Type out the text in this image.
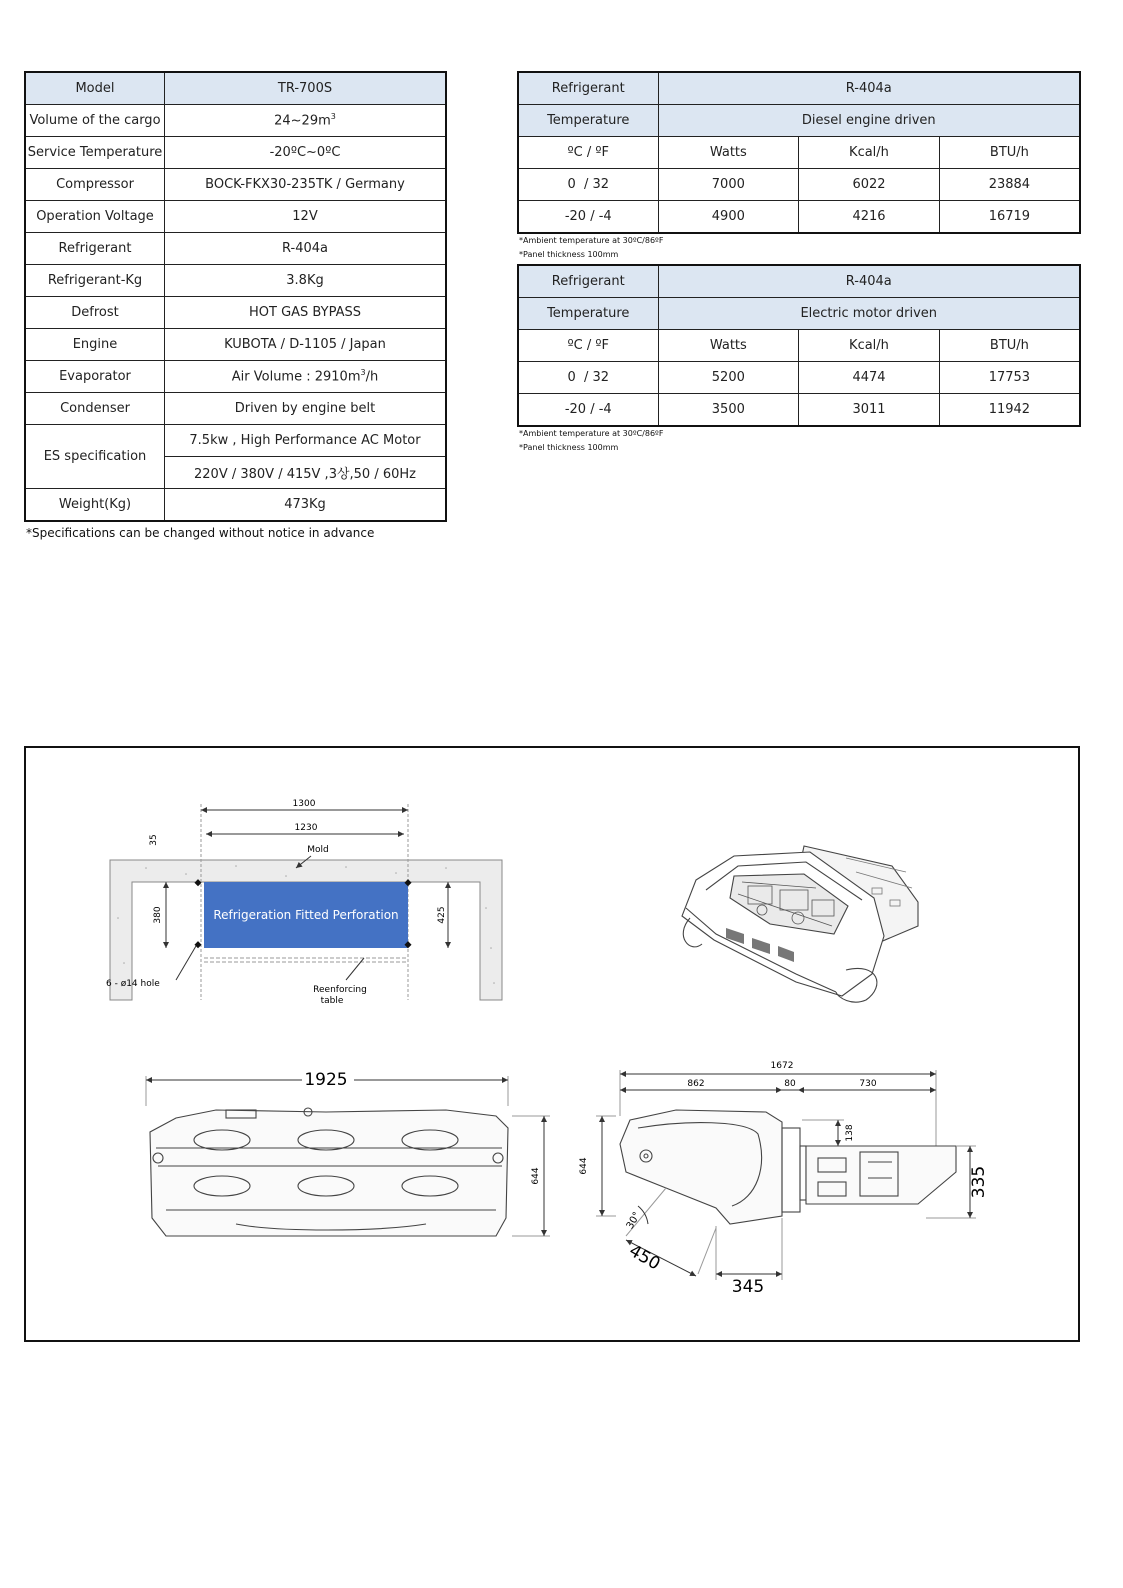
Model	TR-700S
Volume of the cargo	$24\sim 29m^3$
Service Temperature	-20ºC~0ºC
Compressor	BOCK-FKX30-235TK / Germany
Operation Voltage	12V
Refrigerant	R-404a
Refrigerant-Kg	3.8Kg
Defrost	HOT GAS BYPASS
Engine	KUBOTA / D-1105 / Japan
Evaporator	Air Volume : $2910m^3/h$
Condenser	Driven by engine belt
ES specification	7.5kw , High Performance AC Motor
	220V / 380V / 415V ,3상,50 / 60Hz
Weight(Kg)	473Kg
*Specifications can be changed without notice in advance
Refrigerant	R-404a		
Temperature	Diesel engine driven		
ºC / ºF	Watts	Kcal/h	BTU/h
0  / 32	7000	6022	23884
-20 / -4	4900	4216	16719
*Ambient temperature at 30ºC/86ºF
*Panel thickness 100mm
Refrigerant	R-404a		
Temperature	Electric motor driven		
ºC / ºF	Watts	Kcal/h	BTU/h
0  / 32	5200	4474	17753
-20 / -4	3500	3011	11942
*Ambient temperature at 30ºC/86ºF
*Panel thickness 100mm
1300
1230
35
Mold
Refrigeration Fitted Perforation
380	425
6 - ø14 hole
Reenforcing table
1925
644
1672
862	80	730
138
335
644
450
30°
345
